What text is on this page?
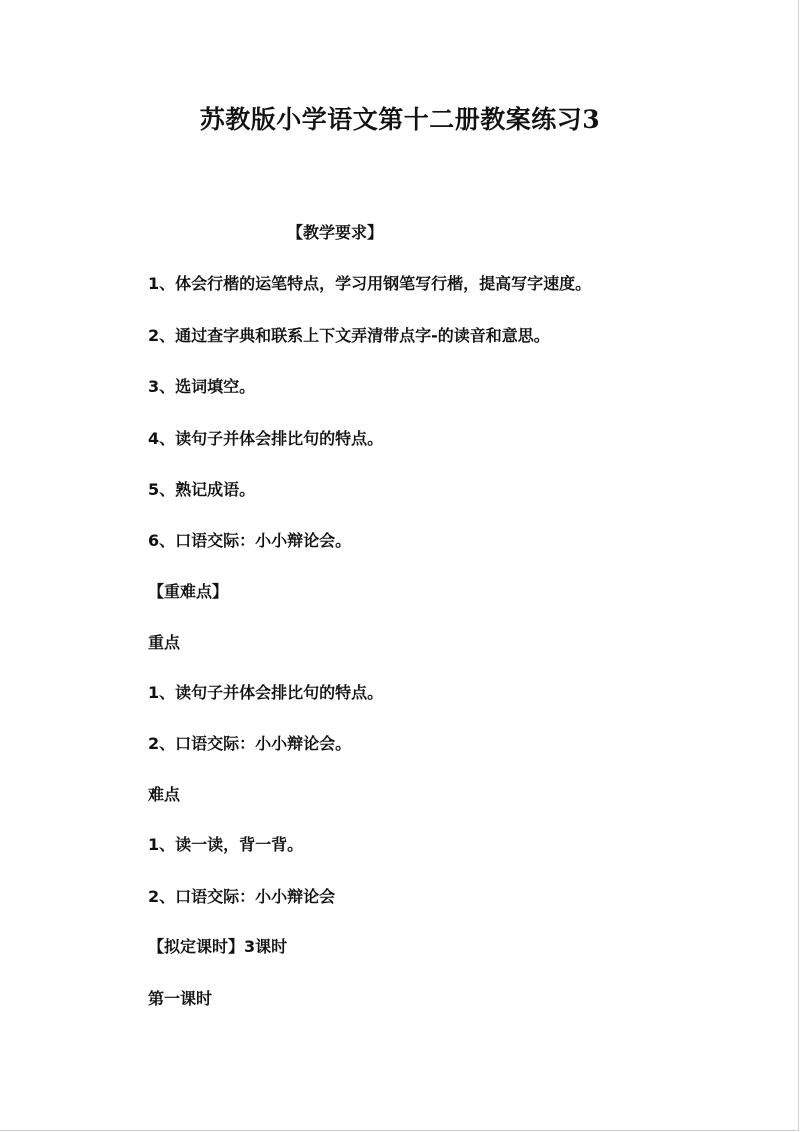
苏教版小学语文第十二册教案练习3
【教学要求】
1、体会行楷的运笔特点，学习用钢笔写行楷，提高写字速度。
2、通过查字典和联系上下文弄清带点字-的读音和意思。
3、选词填空。
4、读句子并体会排比句的特点。
5、熟记成语。
6、口语交际：小小辩论会。
【重难点】
重点
1、读句子并体会排比句的特点。
2、口语交际：小小辩论会。
难点
1、读一读，背一背。
2、口语交际：小小辩论会
【拟定课时】3课时
第一课时
